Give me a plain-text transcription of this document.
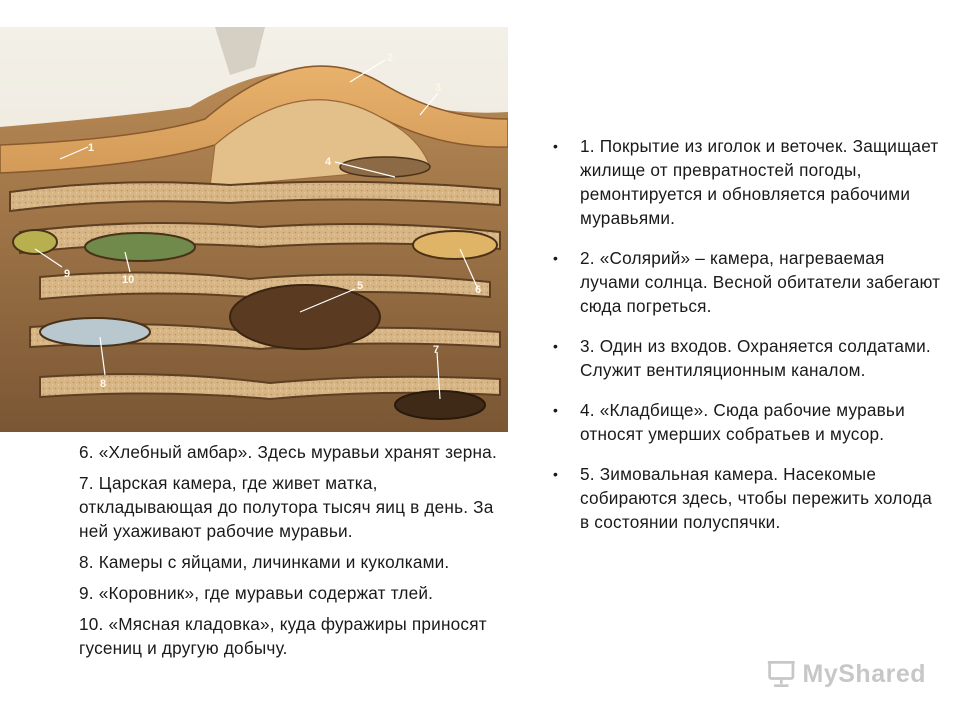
1
2
3
4
5	6
7
8
9	10
• 1. Покрытие из иголок и веточек. Защищает жилище от превратностей погоды, ремонтируется и обновляется рабочими муравьями.
• 2. «Солярий» – камера, нагреваемая лучами солнца. Весной обитатели забегают сюда погреться.
• 3. Один из входов. Охраняется солдатами. Служит вентиляционным каналом.
• 4. «Кладбище». Сюда рабочие муравьи относят умерших собратьев и мусор.
• 5. Зимовальная камера. Насекомые собираются здесь, чтобы пережить холода в состоянии полуспячки.
6. «Хлебный амбар». Здесь муравьи хранят зерна.
7. Царская камера, где живет матка, откладывающая до полутора тысяч яиц в день. За ней ухаживают рабочие муравьи.
8. Камеры с яйцами, личинками и куколками.
9. «Коровник», где муравьи содержат тлей.
10. «Мясная кладовка», куда фуражиры приносят гусениц и другую добычу.
MyShared
